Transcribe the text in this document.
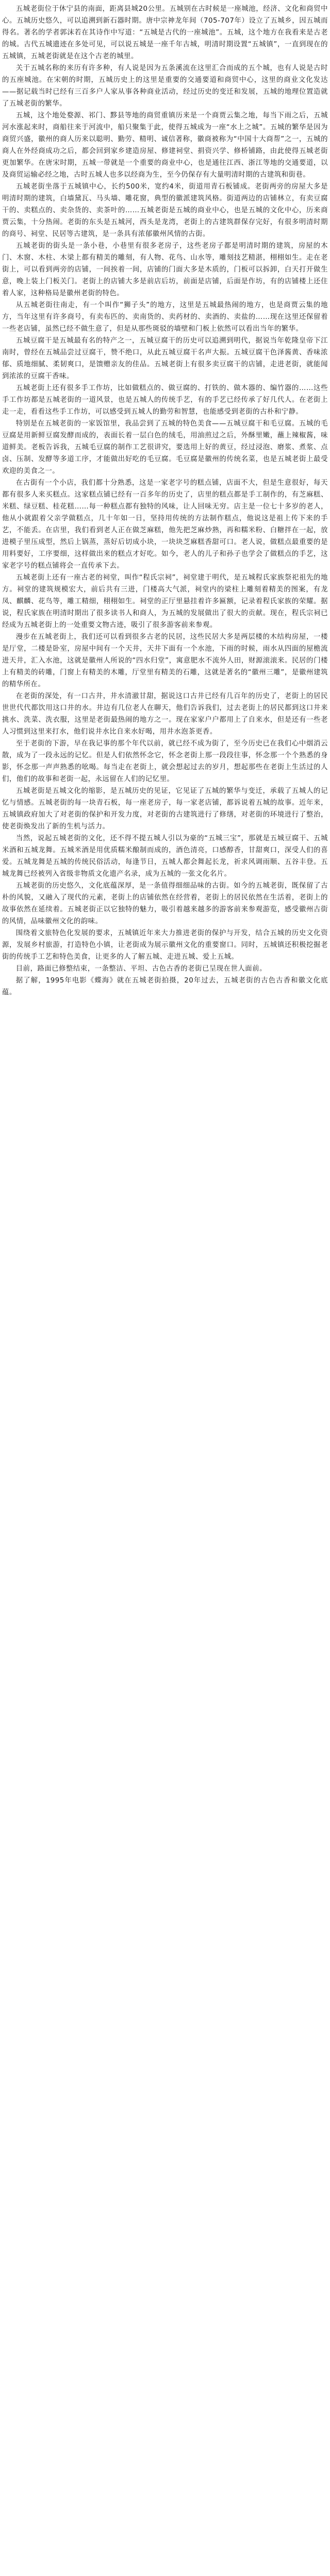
五城老街位于休宁县的南面，距离县城20公里。五城别在古时候是一座城池，经济、文化和商贸中心。五城历史悠久，可以追溯到新石器时期。唐中宗神龙年间（705-707年）设立了五城乡，因五城而得名。著名的学者郭沫若在其诗作中写道：“五城是古代的一座城池”。五城，这个地方在我看来是古老的城。古代五城遗迹在多处可见，可以说五城是一座千年古城，明清时期设置“五城镇”，一直到现在的五城镇，五城老街就是在这个古老的城里。

关于五城名称的来历有许多种，有人说是因为五条溪流在这里汇合而成的五个城，也有人说是古时的五座城池。在宋朝的时期，五城历史上的这里是重要的交通要道和商贸中心，这里的商业文化发达——据记载当时已经有三百多户人家从事各种商业活动，经过历史的变迁和发展，五城的地理位置造就了五城老街的繁华。

五城，这个地处婺源、祁门、黟县等地的商贸重镇历来是一个商贾云集之地，每当下雨之后，五城河水涨起来时，商船往来于河流中，船只聚集于此，使得五城成为一座“水上之城”。五城的繁华是因为商贸兴盛，徽州的商人历来以聪明、勤劳、精明、诚信著称，徽商被称为“中国十大商帮”之一，五城的商人在外经商成功之后，都会回到家乡建造房屋、修建祠堂、捐资兴学、修桥铺路，由此使得五城老街更加繁华。在唐宋时期，五城一带就是一个重要的商业中心，也是通往江西、浙江等地的交通要道，以及商贸运输必经之地，古时五城人也多以经商为生，至今仍保存有大量明清时期的古建筑和街巷。

五城老街坐落于五城镇中心，长约500米，宽约4米，街道用青石板铺成。老街两旁的房屋大多是明清时期的建筑，白墙黛瓦、马头墙、雕花窗，典型的徽派建筑风格。街道两边的店铺林立，有卖豆腐干的、卖糕点的、卖杂货的、卖茶叶的……五城老街是五城的商业中心，也是五城的文化中心，历来商贾云集，十分热闹。老街的东头是五城河，西头是龙湾，老街上的古建筑群保存完好，有很多明清时期的商号、祠堂、民居等古建筑，是一条具有浓郁徽州风情的古街。

五城老街的街头是一条小巷，小巷里有很多老房子，这些老房子都是明清时期的建筑，房屋的木门、木窗、木柱、木梁上都有精美的雕刻，有人物、花鸟、山水等，雕刻技艺精湛，栩栩如生。走在老街上，可以看到两旁的店铺，一间挨着一间，店铺的门面大多是木质的，门板可以拆卸，白天打开做生意，晚上装上门板关门。老街上的店铺大多是前店后坊，前面是店铺，后面是作坊，有的店铺楼上还住着人家，这种格局是徽州老街的特色。

从五城老街往南走，有一个叫作“狮子头”的地方，这里是五城最热闹的地方，也是商贾云集的地方，当年这里有许多商号，有卖布匹的、卖南货的、卖药材的、卖酒的、卖盐的……现在这里还保留着一些老店铺，虽然已经不做生意了，但是从那些斑驳的墙壁和门板上依然可以看出当年的繁华。

五城豆腐干是五城最有名的特产之一，五城豆腐干的历史可以追溯到明代，据说当年乾隆皇帝下江南时，曾经在五城品尝过豆腐干，赞不绝口，从此五城豆腐干名声大振。五城豆腐干色泽酱黄、香味浓郁、质地细腻、柔韧爽口，是馈赠亲友的佳品。五城老街上有很多卖豆腐干的店铺，走进老街，就能闻到浓浓的豆腐干香味。

五城老街上还有很多手工作坊，比如做糕点的、做豆腐的、打铁的、做木器的、编竹器的……这些手工作坊都是五城老街的一道风景，也是五城人的传统手艺，有的手艺已经传承了好几代人。在老街上走一走，看看这些手工作坊，可以感受到五城人的勤劳和智慧，也能感受到老街的古朴和宁静。

特别是在五城老街的一家饭馆里，我品尝到了五城的特色美食——五城豆腐干和毛豆腐。五城的毛豆腐是用新鲜豆腐发酵而成的，表面长着一层白色的绒毛，用油煎过之后，外酥里嫩，蘸上辣椒酱，味道鲜美。老板告诉我，五城毛豆腐的制作工艺很讲究，要选用上好的黄豆，经过浸泡、磨浆、煮浆、点卤、压制、发酵等多道工序，才能做出好吃的毛豆腐。毛豆腐是徽州的传统名菜，也是五城老街上最受欢迎的美食之一。

在古街有一个小店，我们都十分熟悉，这是一家老字号的糕点铺，店面不大，但是生意很好，每天都有很多人来买糕点。这家糕点铺已经有一百多年的历史了，店里的糕点都是手工制作的，有芝麻糕、米糕、绿豆糕、桂花糕……每一种糕点都有独特的风味，让人回味无穷。店主是一位七十多岁的老人，他从小就跟着父亲学做糕点，几十年如一日，坚持用传统的方法制作糕点，他说这是祖上传下来的手艺，不能丢。在店里，我们看到老人正在做芝麻糕，他先把芝麻炒熟，再和糯米粉、白糖拌在一起，放进模子里压成型，然后上锅蒸，蒸好后切成小块，一块块芝麻糕香甜可口。老人说，做糕点最重要的是用料要好，工序要细，这样做出来的糕点才好吃。如今，老人的儿子和孙子也学会了做糕点的手艺，这家老字号的糕点铺将会一直传承下去。

五城老街上还有一座古老的祠堂，叫作“程氏宗祠”，祠堂建于明代，是五城程氏家族祭祀祖先的地方。祠堂的建筑规模宏大，前后共有三进，门楼高大气派，祠堂内的梁柱上雕刻着精美的图案，有龙凤、麒麟、花鸟等，雕工精细，栩栩如生。祠堂的正厅里悬挂着许多匾额，记录着程氏家族的荣耀。据说，程氏家族在明清时期出了很多读书人和商人，为五城的发展做出了很大的贡献。现在，程氏宗祠已经成为五城老街上的一处重要文物古迹，吸引了很多游客前来参观。

漫步在五城老街上，我们还可以看到很多古老的民居，这些民居大多是两层楼的木结构房屋，一楼是厅堂，二楼是卧室，房屋中间有一个天井，天井下面有一个水池，下雨的时候，雨水从四面的屋檐流进天井，汇入水池，这就是徽州人所说的“四水归堂”，寓意肥水不流外人田，财源滚滚来。民居的门楼上有精美的砖雕，门窗上有精美的木雕，厅堂里有精美的石雕，这就是著名的“徽州三雕”，是徽州建筑的精华所在。

在老街的深处，有一口古井，井水清澈甘甜，据说这口古井已经有几百年的历史了，老街上的居民世世代代都饮用这口井的水。井边有几位老人在聊天，他们告诉我们，过去老街上的居民都到这口井来挑水、洗菜、洗衣服，这里是老街最热闹的地方之一。现在家家户户都用上了自来水，但是还有一些老人习惯到这里来打水，他们说井水比自来水好喝，用井水泡茶更香。

至于老街的下游，早在我记事的那个年代以前，就已经不成为街了，至今历史已在我们心中烟消云散，成为了一段永远的记忆。但是人们依然怀念它，怀念老街上那一段段往事，怀念那一个个熟悉的身影，怀念那一声声熟悉的吆喝。每当走在老街上，就会想起过去的岁月，想起那些在老街上生活过的人们，他们的故事和老街一起，永远留在人们的记忆里。

五城老街是五城文化的缩影，是五城历史的见证，它见证了五城的繁华与变迁，承载了五城人的记忆与情感。五城老街的每一块青石板，每一座老房子，每一家老店铺，都诉说着五城的故事。近年来，五城镇政府加大了对老街的保护和开发力度，对老街的古建筑进行了修缮，对老街的环境进行了整治，使老街焕发出了新的生机与活力。

当然，说起五城老街的文化，还不得不提五城人引以为豪的“五城三宝”，那就是五城豆腐干、五城米酒和五城龙舞。五城米酒是用优质糯米酿制而成的，酒色清亮，口感醇香，甘甜爽口，深受人们的喜爱。五城龙舞是五城的传统民俗活动，每逢节日，五城人都会舞起长龙，祈求风调雨顺、五谷丰登。五城龙舞已经被列入省级非物质文化遗产名录，成为五城的一张文化名片。

五城老街的历史悠久，文化底蕴深厚，是一条值得细细品味的古街。如今的五城老街，既保留了古朴的风貌，又融入了现代的元素，老街上的店铺依然在经营着，老街上的居民依然在生活着，老街上的故事依然在延续着。五城老街正以它独特的魅力，吸引着越来越多的游客前来参观游览，感受徽州古街的风情，品味徽州文化的韵味。

围绕着文旅特色化发展的要求，五城镇近年来大力推进老街的保护与开发，结合五城的历史文化资源，发展乡村旅游，打造特色小镇，让老街成为展示徽州文化的重要窗口。同时，五城镇还积极挖掘老街的传统手工艺和特色美食，让更多的人了解五城、走进五城、爱上五城。

目前，路面已修整结束，一条整洁、平坦、古色古香的老街已呈现在世人面前。

据了解，1995年电影《蝶海》就在五城老街拍摄，20年过去，五城老街的古色古香和徽文化底蕴。
